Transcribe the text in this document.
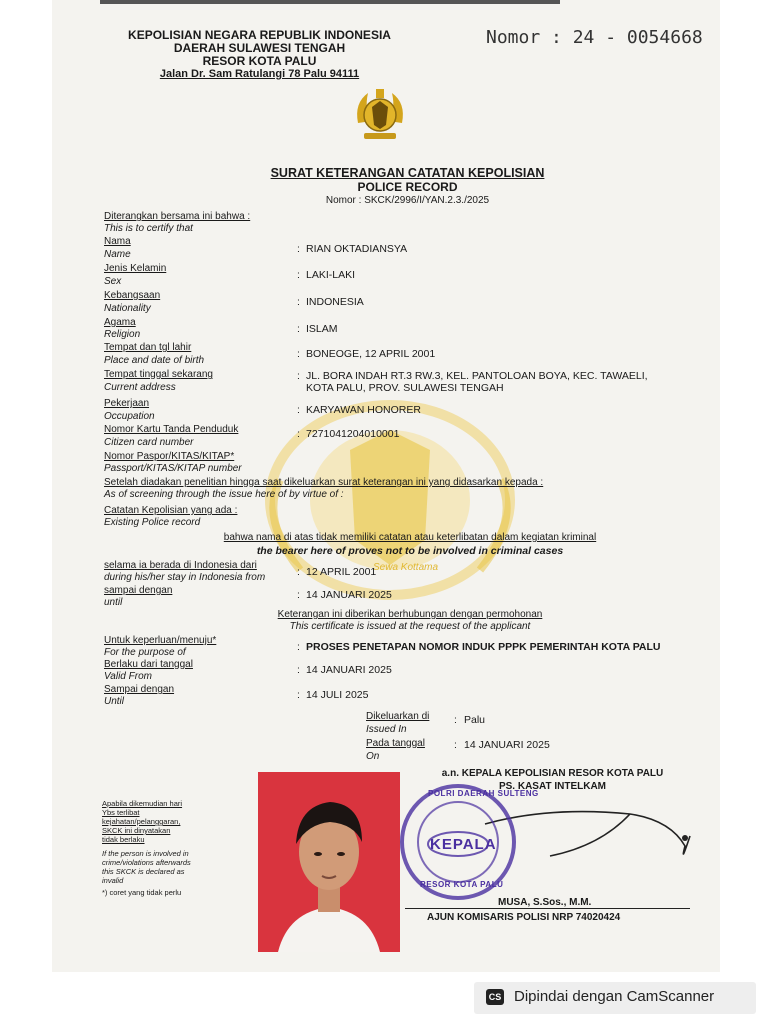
Sewa Kottama
KEPOLISIAN NEGARA REPUBLIK INDONESIA
DAERAH SULAWESI TENGAH
RESOR KOTA PALU
Jalan Dr. Sam Ratulangi 78 Palu 94111
Nomor : 24 - 0054668
SURAT KETERANGAN CATATAN KEPOLISIAN
POLICE RECORD
Nomor : SKCK/2996/I/YAN.2.3./2025
Diterangkan bersama ini bahwa :
This is to certify that
Nama
Name	: RIAN OKTADIANSYA
Jenis Kelamin
Sex
: LAKI-LAKI
Kebangsaan
Nationality
: INDONESIA
Agama
Religion	: ISLAM
Tempat dan tgl lahir
Place and date of birth
: BONEOGE, 12 APRIL 2001
Tempat tinggal sekarang
Current address
: JL. BORA INDAH RT.3 RW.3, KEL. PANTOLOAN BOYA, KEC. TAWAELI,
KOTA PALU, PROV. SULAWESI TENGAH
Pekerjaan
Occupation
: KARYAWAN HONORER
Nomor Kartu Tanda Penduduk
Citizen card number
: 7271041204010001
Nomor Paspor/KITAS/KITAP*
Passport/KITAS/KITAP number
Setelah diadakan penelitian hingga saat dikeluarkan surat keterangan ini yang didasarkan kepada :
As of screening through the issue here of by virtue of :
Catatan Kepolisian yang ada :
Existing Police record
bahwa nama di atas tidak memiliki catatan atau keterlibatan dalam kegiatan kriminal
the bearer here of proves not to be involved in criminal cases
selama ia berada di Indonesia dari
during his/her stay in Indonesia from	: 12 APRIL 2001
sampai dengan
until
: 14 JANUARI 2025
Keterangan ini diberikan berhubungan dengan permohonan
This certificate is issued at the request of the applicant
Untuk keperluan/menuju*
For the purpose of	: PROSES PENETAPAN NOMOR INDUK PPPK PEMERINTAH KOTA PALU
Berlaku dari tanggal
Valid From
: 14 JANUARI 2025
Sampai dengan
Until
: 14 JULI 2025
Dikeluarkan di
Issued In
: Palu
Pada tanggal
On
: 14 JANUARI 2025
a.n. KEPALA KEPOLISIAN RESOR KOTA PALU
PS. KASAT INTELKAM
POLRI DAERAH SULTENG
KEPALA
RESOR KOTA PALU
MUSA, S.Sos., M.M.
AJUN KOMISARIS POLISI NRP 74020424
Apabila dikemudian hari
Ybs terlibat
kejahatan/pelanggaran,
SKCK ini dinyatakan
tidak berlaku
If the person is involved in
crime/violations afterwards
this SKCK is declared as
invalid
*) coret yang tidak perlu
CS Dipindai dengan CamScanner
